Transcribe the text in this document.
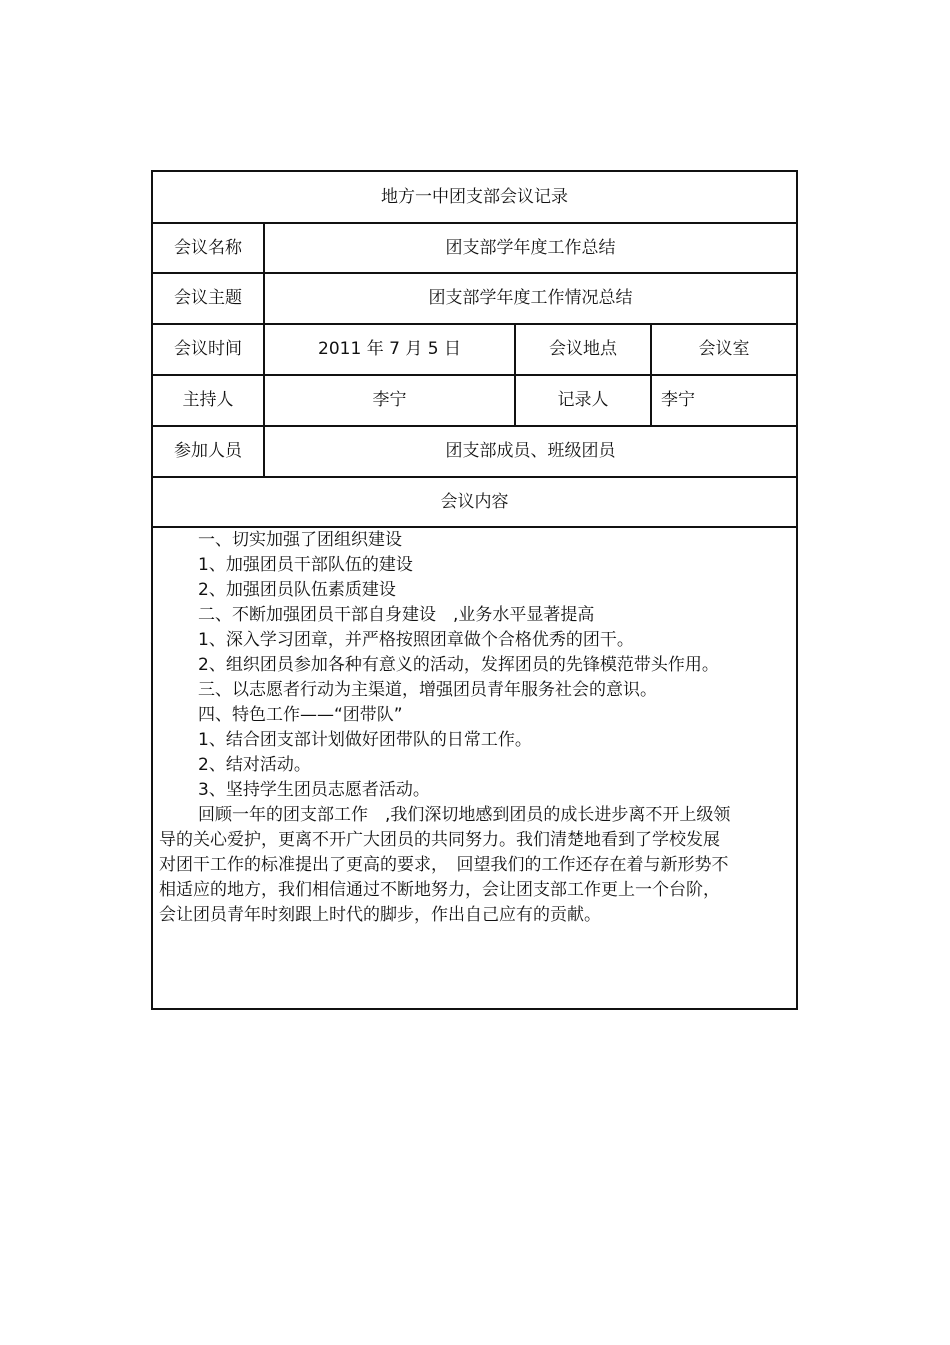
地方一中团支部会议记录
会议名称	团支部学年度工作总结
会议主题	团支部学年度工作情况总结
会议时间	2011 年 7 月 5 日	会议地点	会议室
主持人	李宁	记录人	李宁
参加人员	团支部成员、班级团员
会议内容
一、切实加强了团组织建设
1、加强团员干部队伍的建设
2、加强团员队伍素质建设
二、不断加强团员干部自身建设　,业务水平显著提高
1、深入学习团章，并严格按照团章做个合格优秀的团干。
2、组织团员参加各种有意义的活动，发挥团员的先锋模范带头作用。
三、以志愿者行动为主渠道，增强团员青年服务社会的意识。
四、特色工作——“团带队”
1、结合团支部计划做好团带队的日常工作。
2、结对活动。
3、坚持学生团员志愿者活动。
回顾一年的团支部工作　,我们深切地感到团员的成长进步离不开上级领
导的关心爱护，更离不开广大团员的共同努力。我们清楚地看到了学校发展
对团干工作的标准提出了更高的要求，　回望我们的工作还存在着与新形势不
相适应的地方，我们相信通过不断地努力，会让团支部工作更上一个台阶，
会让团员青年时刻跟上时代的脚步，作出自己应有的贡献。
